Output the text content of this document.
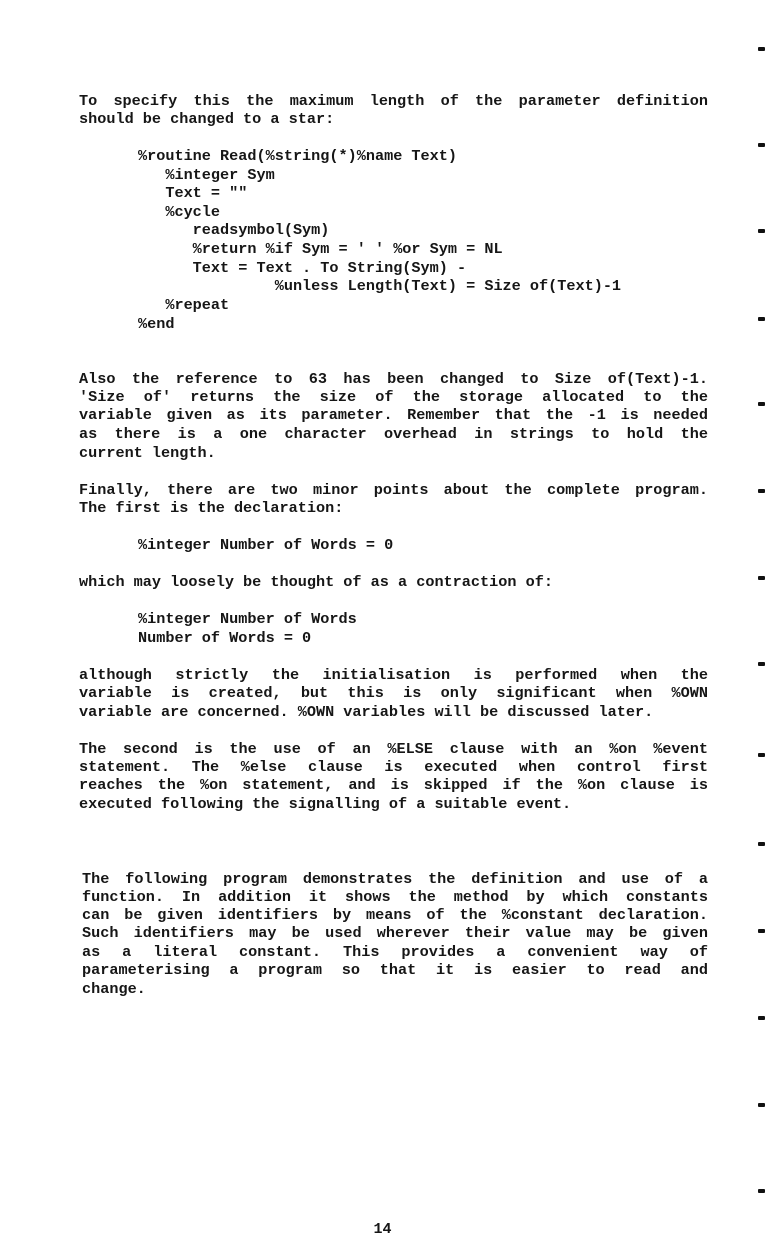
To specify this the maximum length of the parameter definition
should be changed to a star:
%routine Read(%string(*)%name Text)
%integer Sym
Text = ""
%cycle
readsymbol(Sym)
%return %if Sym = ' ' %or Sym = NL
Text = Text . To String(Sym) -
%unless Length(Text) = Size of(Text)-1
%repeat
%end
Also the reference to 63 has been changed to Size of(Text)-1.
'Size of' returns the size of the storage allocated to the
variable given as its parameter. Remember that the -1 is needed
as there is a one character overhead in strings to hold the
current length.
Finally, there are two minor points about the complete program.
The first is the declaration:
%integer Number of Words = 0
which may loosely be thought of as a contraction of:
%integer Number of Words
Number of Words = 0
although strictly the initialisation is performed when the
variable is created, but this is only significant when %OWN
variable are concerned. %OWN variables will be discussed later.
The second is the use of an %ELSE clause with an %on %event
statement. The %else clause is executed when control first
reaches the %on statement, and is skipped if the %on clause is
executed following the signalling of a suitable event.
The following program demonstrates the definition and use of a
function. In addition it shows the method by which constants
can be given identifiers by means of the %constant declaration.
Such identifiers may be used wherever their value may be given
as a literal constant. This provides a convenient way of
parameterising a program so that it is easier to read and
change.
14
